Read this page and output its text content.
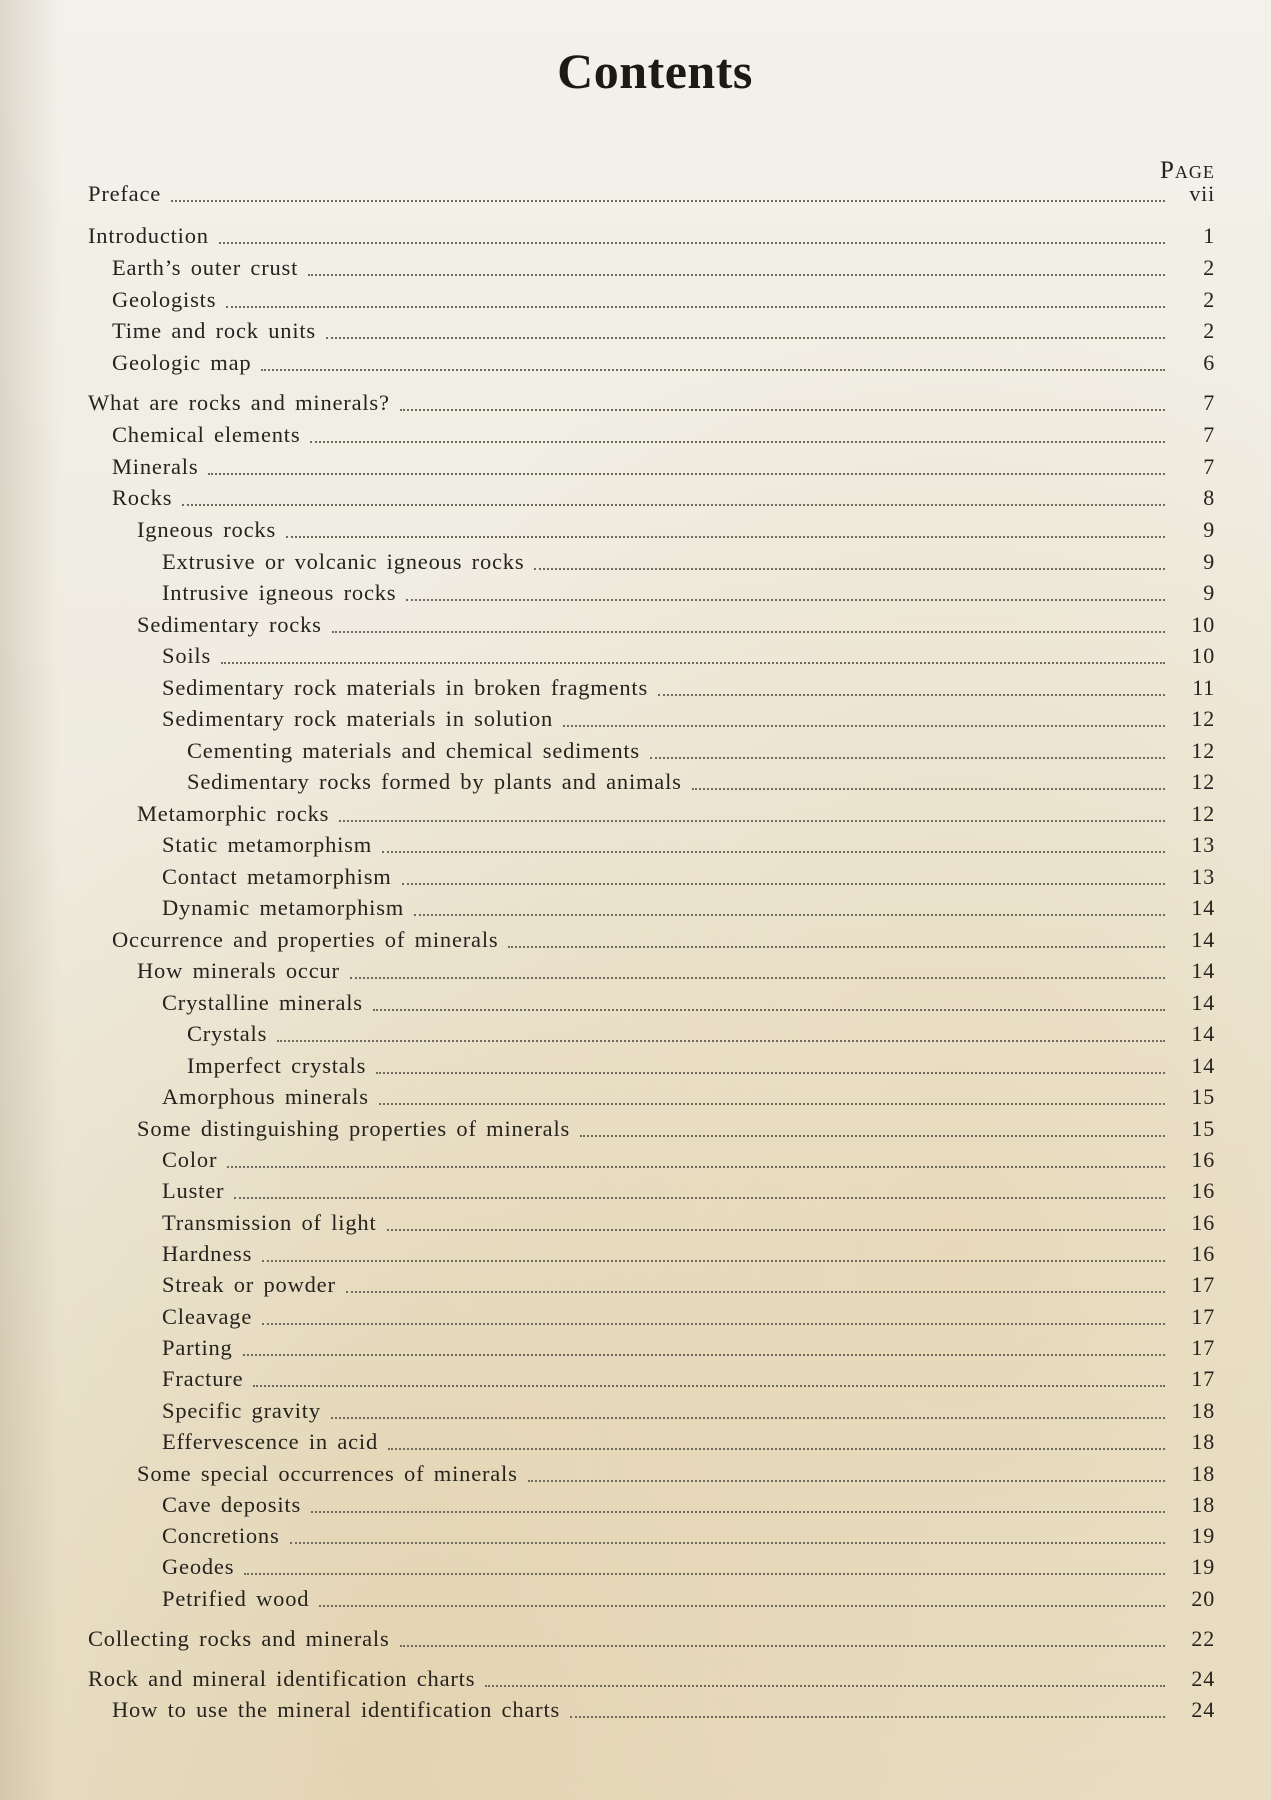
Contents
Page
Preface	vii
Introduction	1
Earth’s outer crust	2
Geologists	2
Time and rock units	2
Geologic map	6
What are rocks and minerals?	7
Chemical elements	7
Minerals	7
Rocks	8
Igneous rocks	9
Extrusive or volcanic igneous rocks	9
Intrusive igneous rocks	9
Sedimentary rocks	10
Soils	10
Sedimentary rock materials in broken fragments	11
Sedimentary rock materials in solution	12
Cementing materials and chemical sediments	12
Sedimentary rocks formed by plants and animals	12
Metamorphic rocks	12
Static metamorphism	13
Contact metamorphism	13
Dynamic metamorphism	14
Occurrence and properties of minerals	14
How minerals occur	14
Crystalline minerals	14
Crystals	14
Imperfect crystals	14
Amorphous minerals	15
Some distinguishing properties of minerals	15
Color	16
Luster	16
Transmission of light	16
Hardness	16
Streak or powder	17
Cleavage	17
Parting	17
Fracture	17
Specific gravity	18
Effervescence in acid	18
Some special occurrences of minerals	18
Cave deposits	18
Concretions	19
Geodes	19
Petrified wood	20
Collecting rocks and minerals	22
Rock and mineral identification charts	24
How to use the mineral identification charts	24
